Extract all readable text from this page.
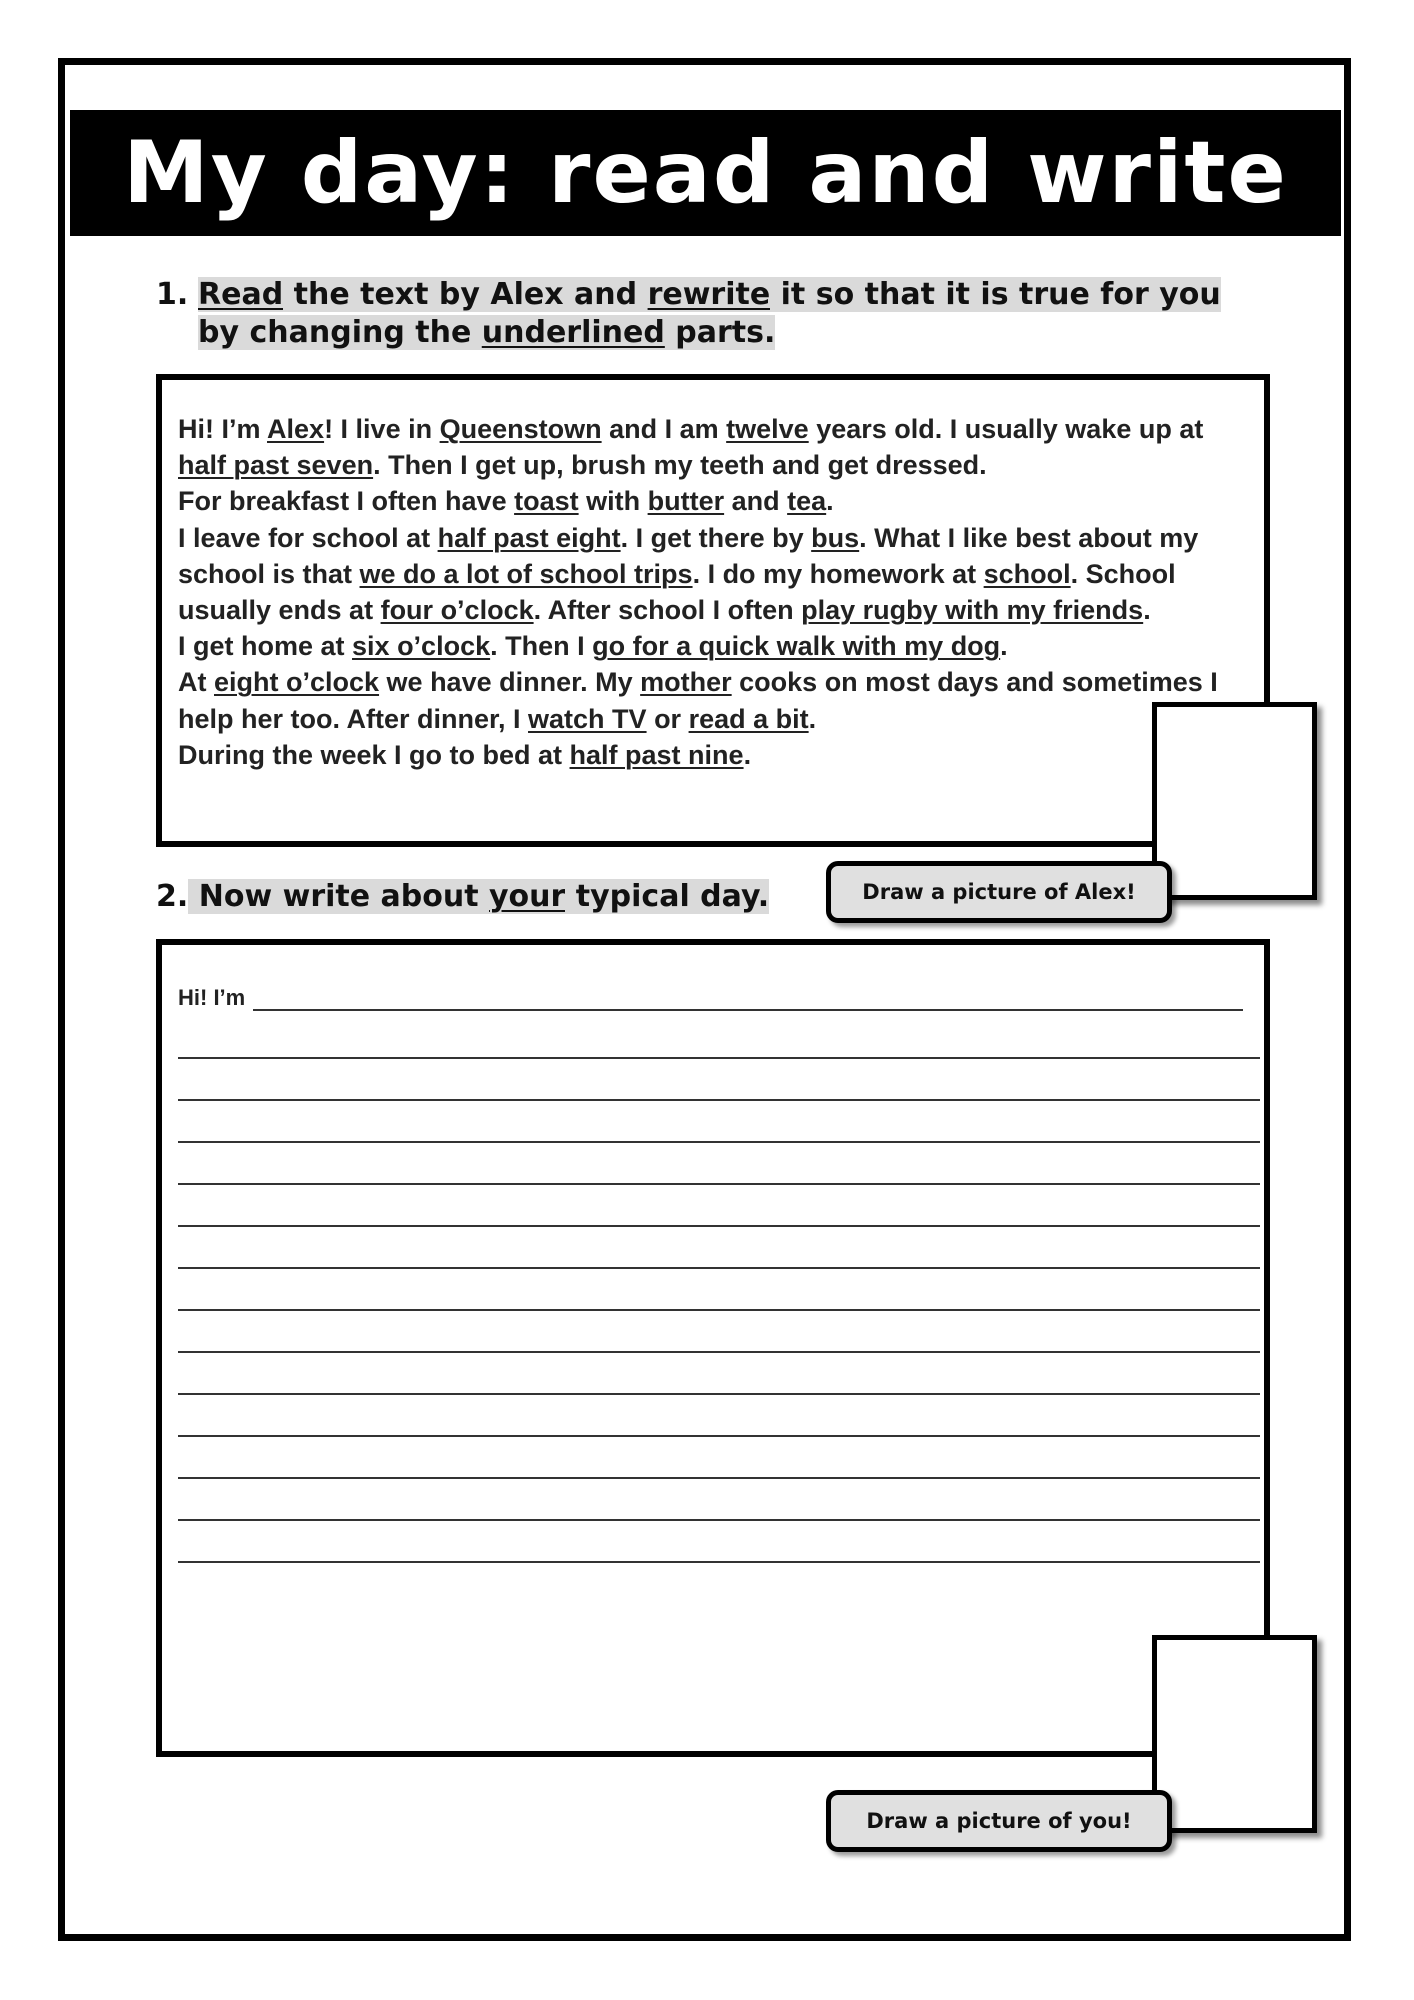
My day: read and write
1. Read the text by Alex and rewrite it so that it is true for you
by changing the underlined parts.

Hi! I’m Alex! I live in Queenstown and I am twelve years old. I usually wake up at half past seven. Then I get up, brush my teeth and get dressed.

For breakfast I often have toast with butter and tea.

I leave for school at half past eight. I get there by bus. What I like best about my school is that we do a lot of school trips. I do my homework at school. School usually ends at four o’clock. After school I often play rugby with my friends.

I get home at six o’clock. Then I go for a quick walk with my dog.

At eight o’clock we have dinner. My mother cooks on most days and sometimes I help her too. After dinner, I watch TV or read a bit.

During the week I go to bed at half past nine.

Draw a picture of Alex!
2. Now write about your typical day.
Hi! I’m
Draw a picture of you!
